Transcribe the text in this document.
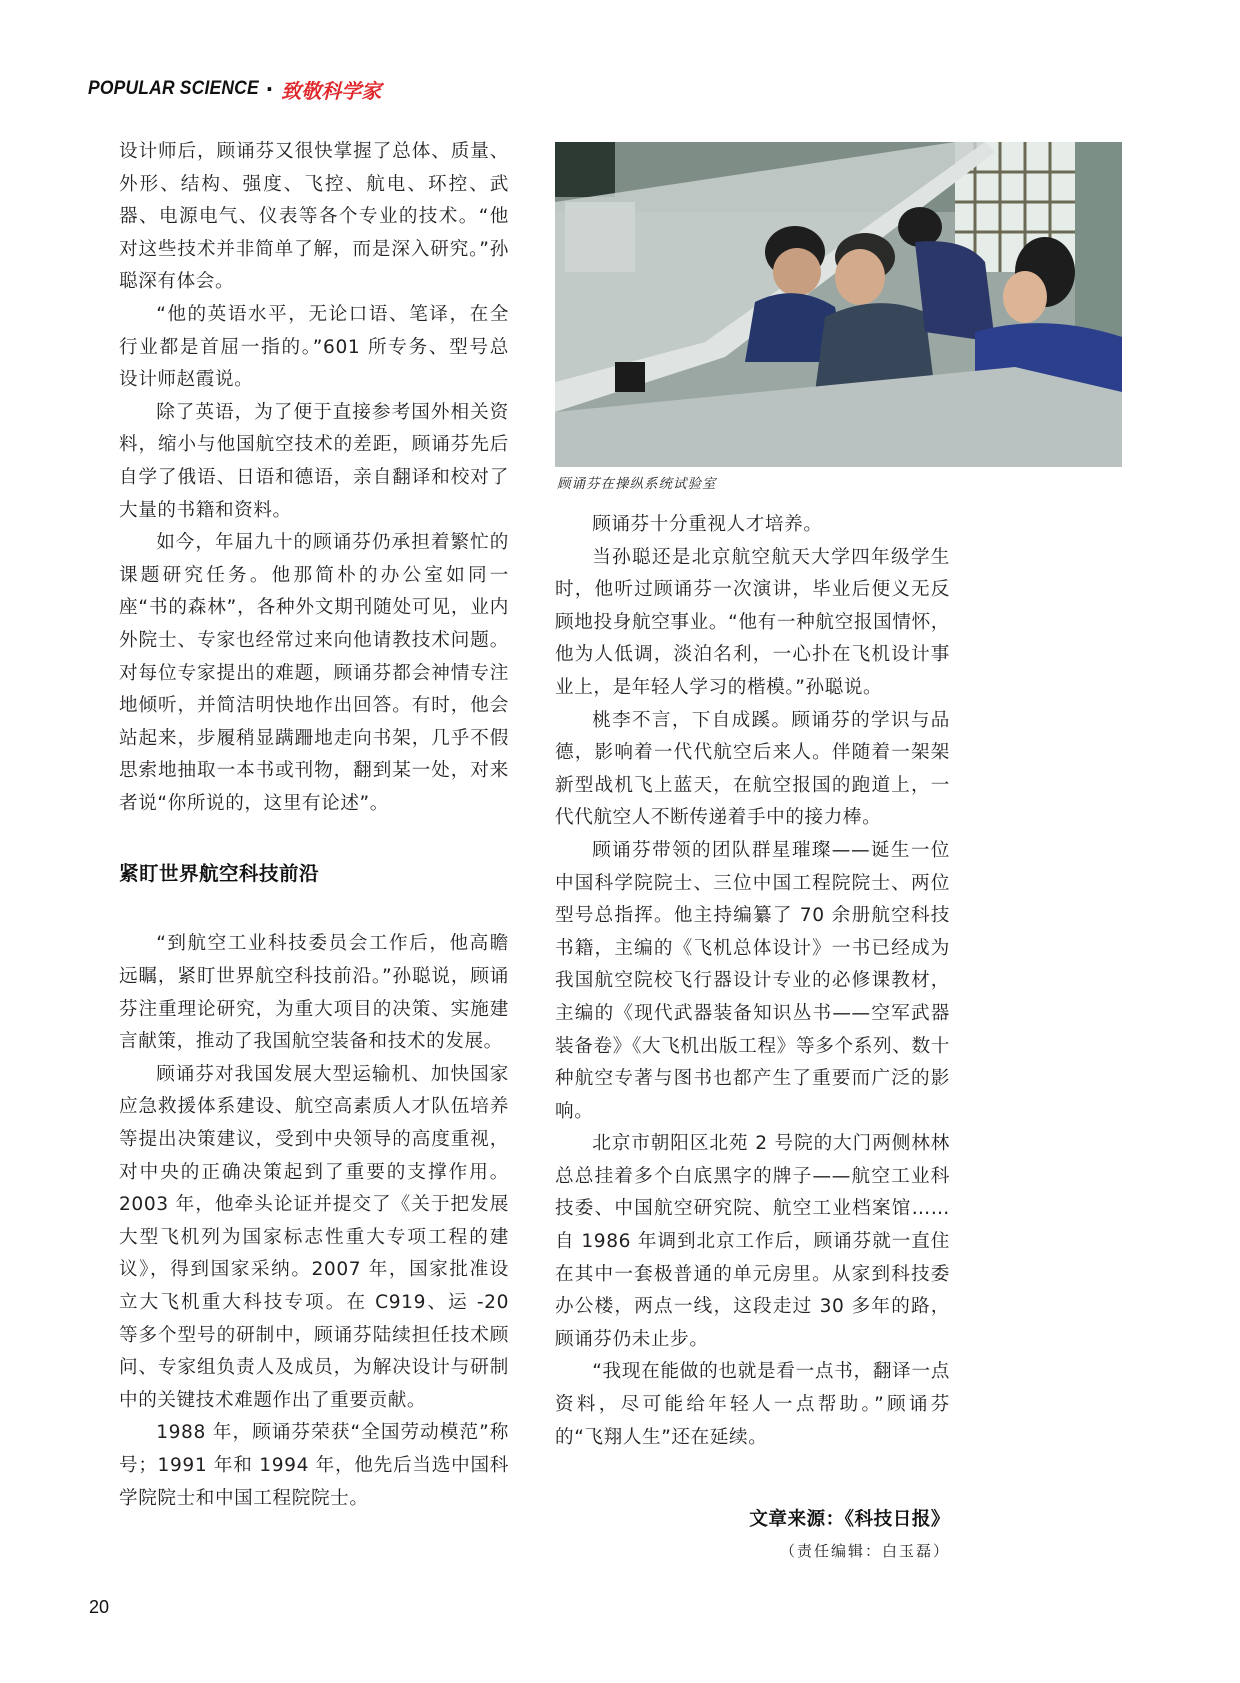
POPULAR SCIENCE · 致敬科学家

设计师后，顾诵芬又很快掌握了总体、质量、外形、结构、强度、飞控、航电、环控、武器、电源电气、仪表等各个专业的技术。“他对这些技术并非简单了解，而是深入研究。”孙聪深有体会。

“他的英语水平，无论口语、笔译，在全行业都是首屈一指的。”601 所专务、型号总设计师赵霞说。

除了英语，为了便于直接参考国外相关资料，缩小与他国航空技术的差距，顾诵芬先后自学了俄语、日语和德语，亲自翻译和校对了大量的书籍和资料。

如今，年届九十的顾诵芬仍承担着繁忙的课题研究任务。他那简朴的办公室如同一座“书的森林”，各种外文期刊随处可见，业内外院士、专家也经常过来向他请教技术问题。对每位专家提出的难题，顾诵芬都会神情专注地倾听，并简洁明快地作出回答。有时，他会站起来，步履稍显蹒跚地走向书架，几乎不假思索地抽取一本书或刊物，翻到某一处，对来者说“你所说的，这里有论述”。

紧盯世界航空科技前沿

“到航空工业科技委员会工作后，他高瞻远瞩，紧盯世界航空科技前沿。”孙聪说，顾诵芬注重理论研究，为重大项目的决策、实施建言献策，推动了我国航空装备和技术的发展。

顾诵芬对我国发展大型运输机、加快国家应急救援体系建设、航空高素质人才队伍培养等提出决策建议，受到中央领导的高度重视，对中央的正确决策起到了重要的支撑作用。2003 年，他牵头论证并提交了《关于把发展大型飞机列为国家标志性重大专项工程的建议》，得到国家采纳。2007 年，国家批准设立大飞机重大科技专项。在 C919、运 -20 等多个型号的研制中，顾诵芬陆续担任技术顾问、专家组负责人及成员，为解决设计与研制中的关键技术难题作出了重要贡献。

1988 年，顾诵芬荣获“全国劳动模范”称号；1991 年和 1994 年，他先后当选中国科学院院士和中国工程院院士。

顾诵芬在操纵系统试验室

顾诵芬十分重视人才培养。

当孙聪还是北京航空航天大学四年级学生时，他听过顾诵芬一次演讲，毕业后便义无反顾地投身航空事业。“他有一种航空报国情怀，他为人低调，淡泊名利，一心扑在飞机设计事业上，是年轻人学习的楷模。”孙聪说。

桃李不言，下自成蹊。顾诵芬的学识与品德，影响着一代代航空后来人。伴随着一架架新型战机飞上蓝天，在航空报国的跑道上，一代代航空人不断传递着手中的接力棒。

顾诵芬带领的团队群星璀璨——诞生一位中国科学院院士、三位中国工程院院士、两位型号总指挥。他主持编纂了 70 余册航空科技书籍，主编的《飞机总体设计》一书已经成为我国航空院校飞行器设计专业的必修课教材，主编的《现代武器装备知识丛书——空军武器装备卷》《大飞机出版工程》等多个系列、数十种航空专著与图书也都产生了重要而广泛的影响。

北京市朝阳区北苑 2 号院的大门两侧林林总总挂着多个白底黑字的牌子——航空工业科技委、中国航空研究院、航空工业档案馆……自 1986 年调到北京工作后，顾诵芬就一直住在其中一套极普通的单元房里。从家到科技委办公楼，两点一线，这段走过 30 多年的路，顾诵芬仍未止步。

“我现在能做的也就是看一点书，翻译一点资料，尽可能给年轻人一点帮助。”顾诵芬的“飞翔人生”还在延续。

文章来源：《科技日报》
（责任编辑：白玉磊）
20
